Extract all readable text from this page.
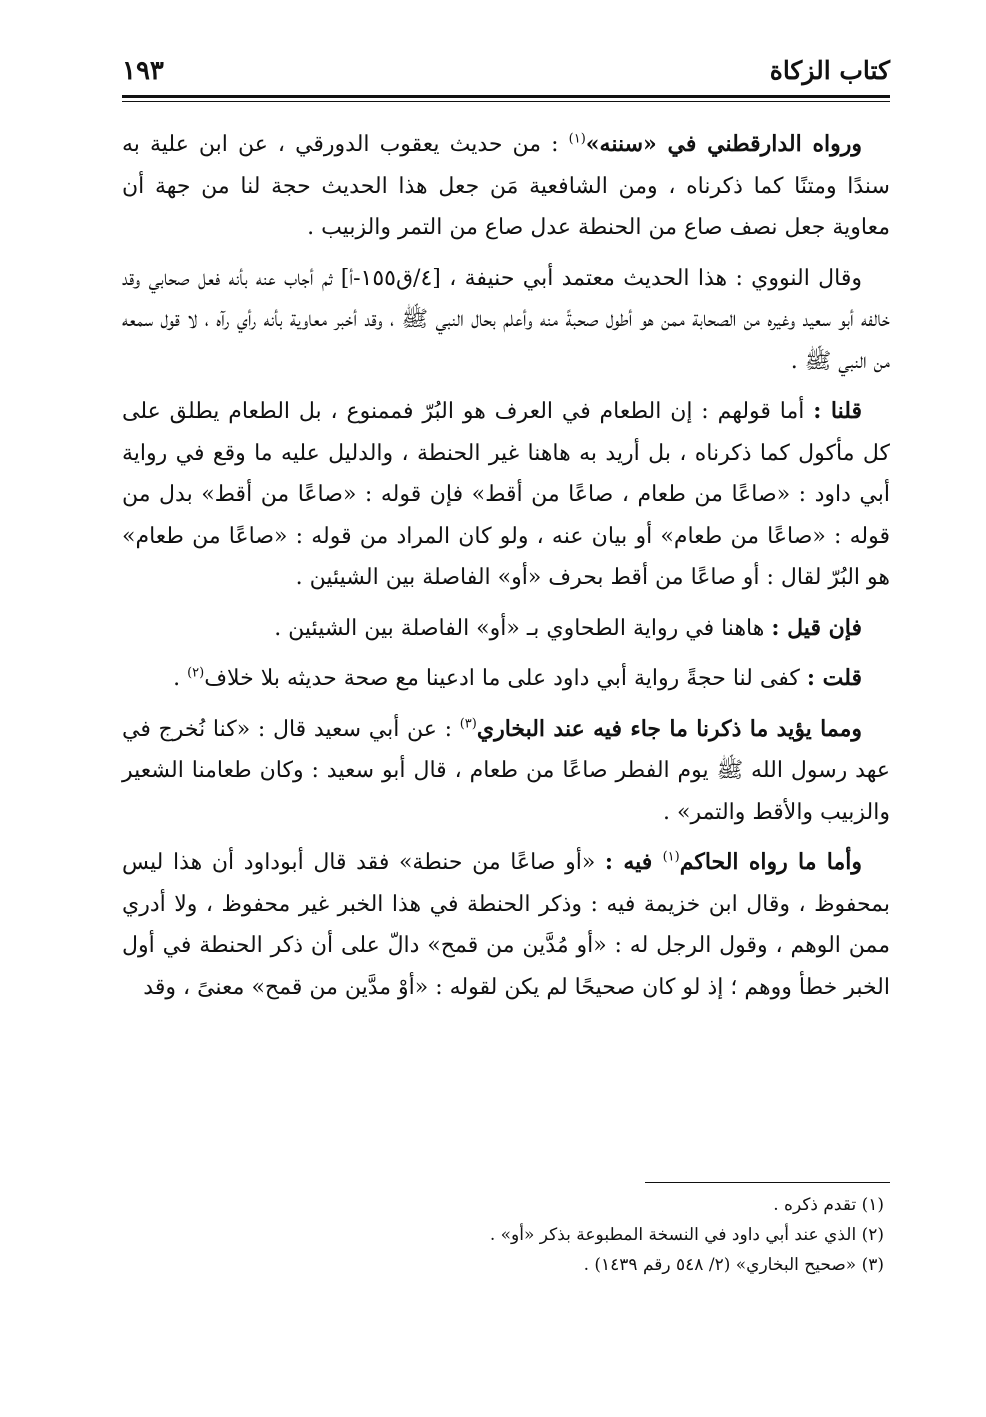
كتاب الزكاة
١٩٣

ورواه الدارقطني في «سننه»$^{(١)}$ : من حديث يعقوب الدورقي ، عن ابن علية به سندًا ومتنًا كما ذكرناه ، ومن الشافعية مَن جعل هذا الحديث حجة لنا من جهة أن معاوية جعل نصف صاع من الحنطة عدل صاع من التمر والزبيب .

وقال النووي : هذا الحديث معتمد أبي حنيفة ، [٤/ق١٥٥-أ] ثم أجاب عنه بأنه فعل صحابي وقد خالفه أبو سعيد وغيره من الصحابة ممن هو أطول صحبةً منه وأعلم بحال النبي ﷺ ، وقد أخبر معاوية بأنه رأي رآه ، لا قول سمعه من النبي ﷺ .

قلنا : أما قولهم : إن الطعام في العرف هو البُرّ فممنوع ، بل الطعام يطلق على كل مأكول كما ذكرناه ، بل أريد به هاهنا غير الحنطة ، والدليل عليه ما وقع في رواية أبي داود : «صاعًا من طعام ، صاعًا من أقط» فإن قوله : «صاعًا من أقط» بدل من قوله : «صاعًا من طعام» أو بيان عنه ، ولو كان المراد من قوله : «صاعًا من طعام» هو البُرّ لقال : أو صاعًا من أقط بحرف «أو» الفاصلة بين الشيئين .

فإن قيل : هاهنا في رواية الطحاوي بـ «أو» الفاصلة بين الشيئين .

قلت : كفى لنا حجةً رواية أبي داود على ما ادعينا مع صحة حديثه بلا خلاف$^{(٢)}$ .

ومما يؤيد ما ذكرنا ما جاء فيه عند البخاري$^{(٣)}$ : عن أبي سعيد قال : «كنا نُخرج في عهد رسول الله ﷺ يوم الفطر صاعًا من طعام ، قال أبو سعيد : وكان طعامنا الشعير والزبيب والأقط والتمر» .

وأما ما رواه الحاكم$^{(١)}$ فيه : «أو صاعًا من حنطة» فقد قال أبوداود أن هذا ليس بمحفوظ ، وقال ابن خزيمة فيه : وذكر الحنطة في هذا الخبر غير محفوظ ، ولا أدري ممن الوهم ، وقول الرجل له : «أو مُدَّين من قمح» دالّ على أن ذكر الحنطة في أول الخبر خطأ ووهم ؛ إذ لو كان صحيحًا لم يكن لقوله : «أوْ مدَّين من قمح» معنىً ، وقد

(١) تقدم ذكره .
(٢) الذي عند أبي داود في النسخة المطبوعة بذكر «أو» .
(٣) «صحيح البخاري» (٢/ ٥٤٨ رقم ١٤٣٩) .
